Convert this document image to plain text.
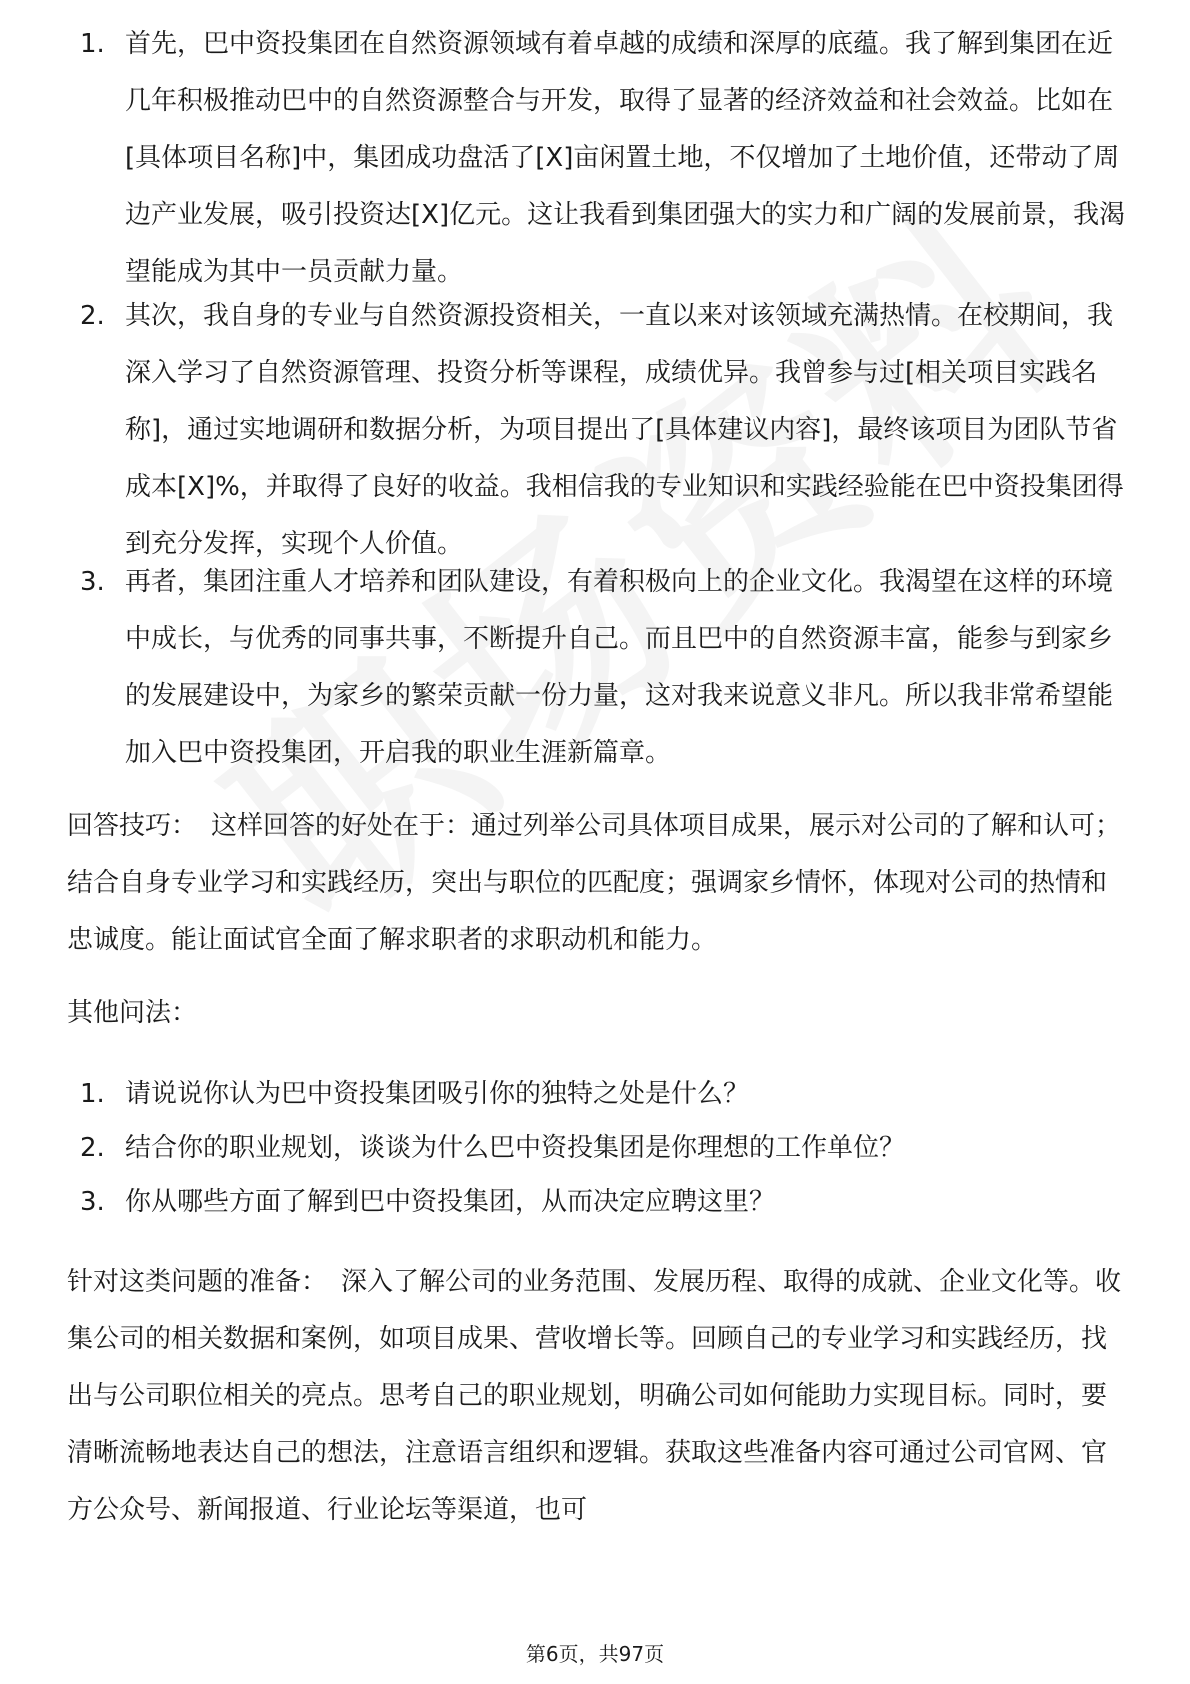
1. 首先，巴中资投集团在自然资源领域有着卓越的成绩和深厚的底蕴。我了解到集团在近几年积极推动巴中的自然资源整合与开发，取得了显著的经济效益和社会效益。比如在[具体项目名称]中，集团成功盘活了[X]亩闲置土地，不仅增加了土地价值，还带动了周边产业发展，吸引投资达[X]亿元。这让我看到集团强大的实力和广阔的发展前景，我渴望能成为其中一员贡献力量。
2. 其次，我自身的专业与自然资源投资相关，一直以来对该领域充满热情。在校期间，我深入学习了自然资源管理、投资分析等课程，成绩优异。我曾参与过[相关项目实践名称]，通过实地调研和数据分析，为项目提出了[具体建议内容]，最终该项目为团队节省成本[X]%，并取得了良好的收益。我相信我的专业知识和实践经验能在巴中资投集团得到充分发挥，实现个人价值。
3. 再者，集团注重人才培养和团队建设，有着积极向上的企业文化。我渴望在这样的环境中成长，与优秀的同事共事，不断提升自己。而且巴中的自然资源丰富，能参与到家乡的发展建设中，为家乡的繁荣贡献一份力量，这对我来说意义非凡。所以我非常希望能加入巴中资投集团，开启我的职业生涯新篇章。
回答技巧： 这样回答的好处在于：通过列举公司具体项目成果，展示对公司的了解和认可；结合自身专业学习和实践经历，突出与职位的匹配度；强调家乡情怀，体现对公司的热情和忠诚度。能让面试官全面了解求职者的求职动机和能力。
其他问法：
1. 请说说你认为巴中资投集团吸引你的独特之处是什么？
2. 结合你的职业规划，谈谈为什么巴中资投集团是你理想的工作单位？
3. 你从哪些方面了解到巴中资投集团，从而决定应聘这里？
针对这类问题的准备： 深入了解公司的业务范围、发展历程、取得的成就、企业文化等。收集公司的相关数据和案例，如项目成果、营收增长等。回顾自己的专业学习和实践经历，找出与公司职位相关的亮点。思考自己的职业规划，明确公司如何能助力实现目标。同时，要清晰流畅地表达自己的想法，注意语言组织和逻辑。获取这些准备内容可通过公司官网、官方公众号、新闻报道、行业论坛等渠道，也可
第6页，共97页
